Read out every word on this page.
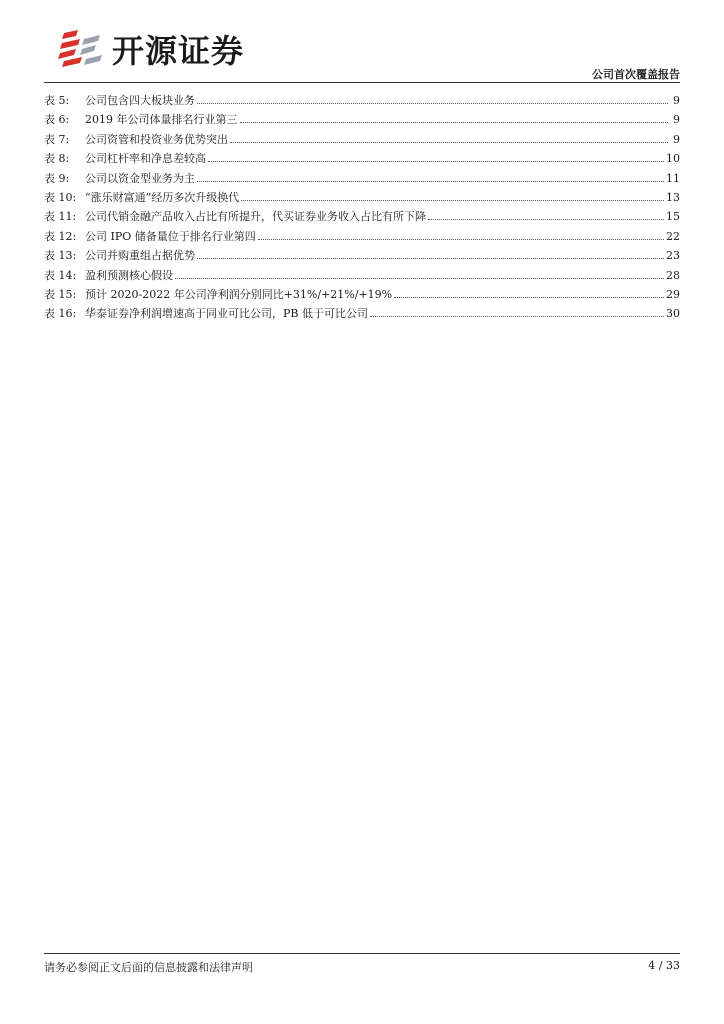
开源证券
公司首次覆盖报告
表 5:	公司包含四大板块业务	9
表 6:	2019 年公司体量排名行业第三	9
表 7:	公司资管和投资业务优势突出	9
表 8:	公司杠杆率和净息差较高	10
表 9:	公司以资金型业务为主	11
表 10: “涨乐财富通”经历多次升级换代	13
表 11: 公司代销金融产品收入占比有所提升，代买证券业务收入占比有所下降	15
表 12: 公司 IPO 储备量位于排名行业第四	22
表 13: 公司并购重组占据优势	23
表 14: 盈利预测核心假设	28
表 15: 预计 2020-2022 年公司净利润分别同比+31%/+21%/+19%	29
表 16: 华泰证券净利润增速高于同业可比公司，PB 低于可比公司	30
请务必参阅正文后面的信息披露和法律声明	4 / 33
